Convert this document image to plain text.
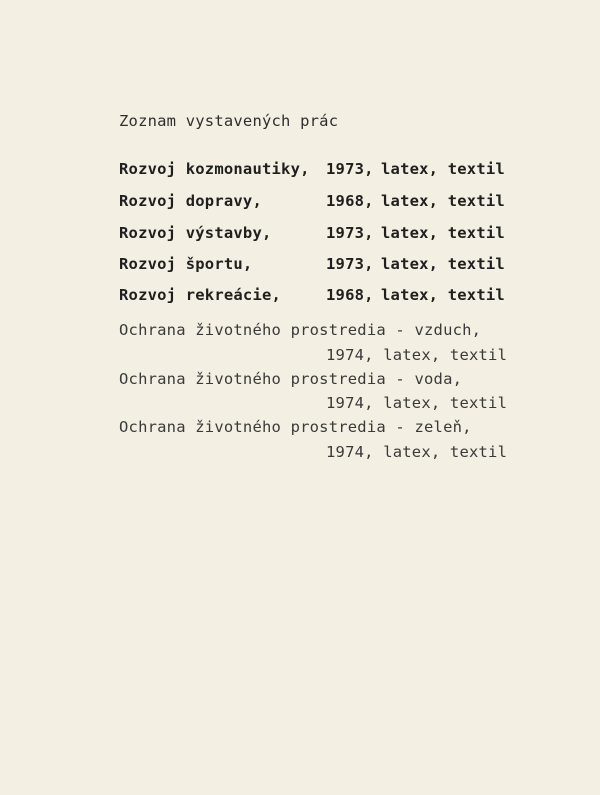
Zoznam vystavených prác
Rozvoj kozmonautiky, 1973, latex, textil
Rozvoj dopravy,	1968, latex, textil
Rozvoj výstavby,	1973, latex, textil
Rozvoj športu,	1973, latex, textil
Rozvoj rekreácie,	1968, latex, textil
Ochrana životného prostredia - vzduch,
1974, latex, textil
Ochrana životného prostredia - voda,
1974, latex, textil
Ochrana životného prostredia - zeleň,
1974, latex, textil
